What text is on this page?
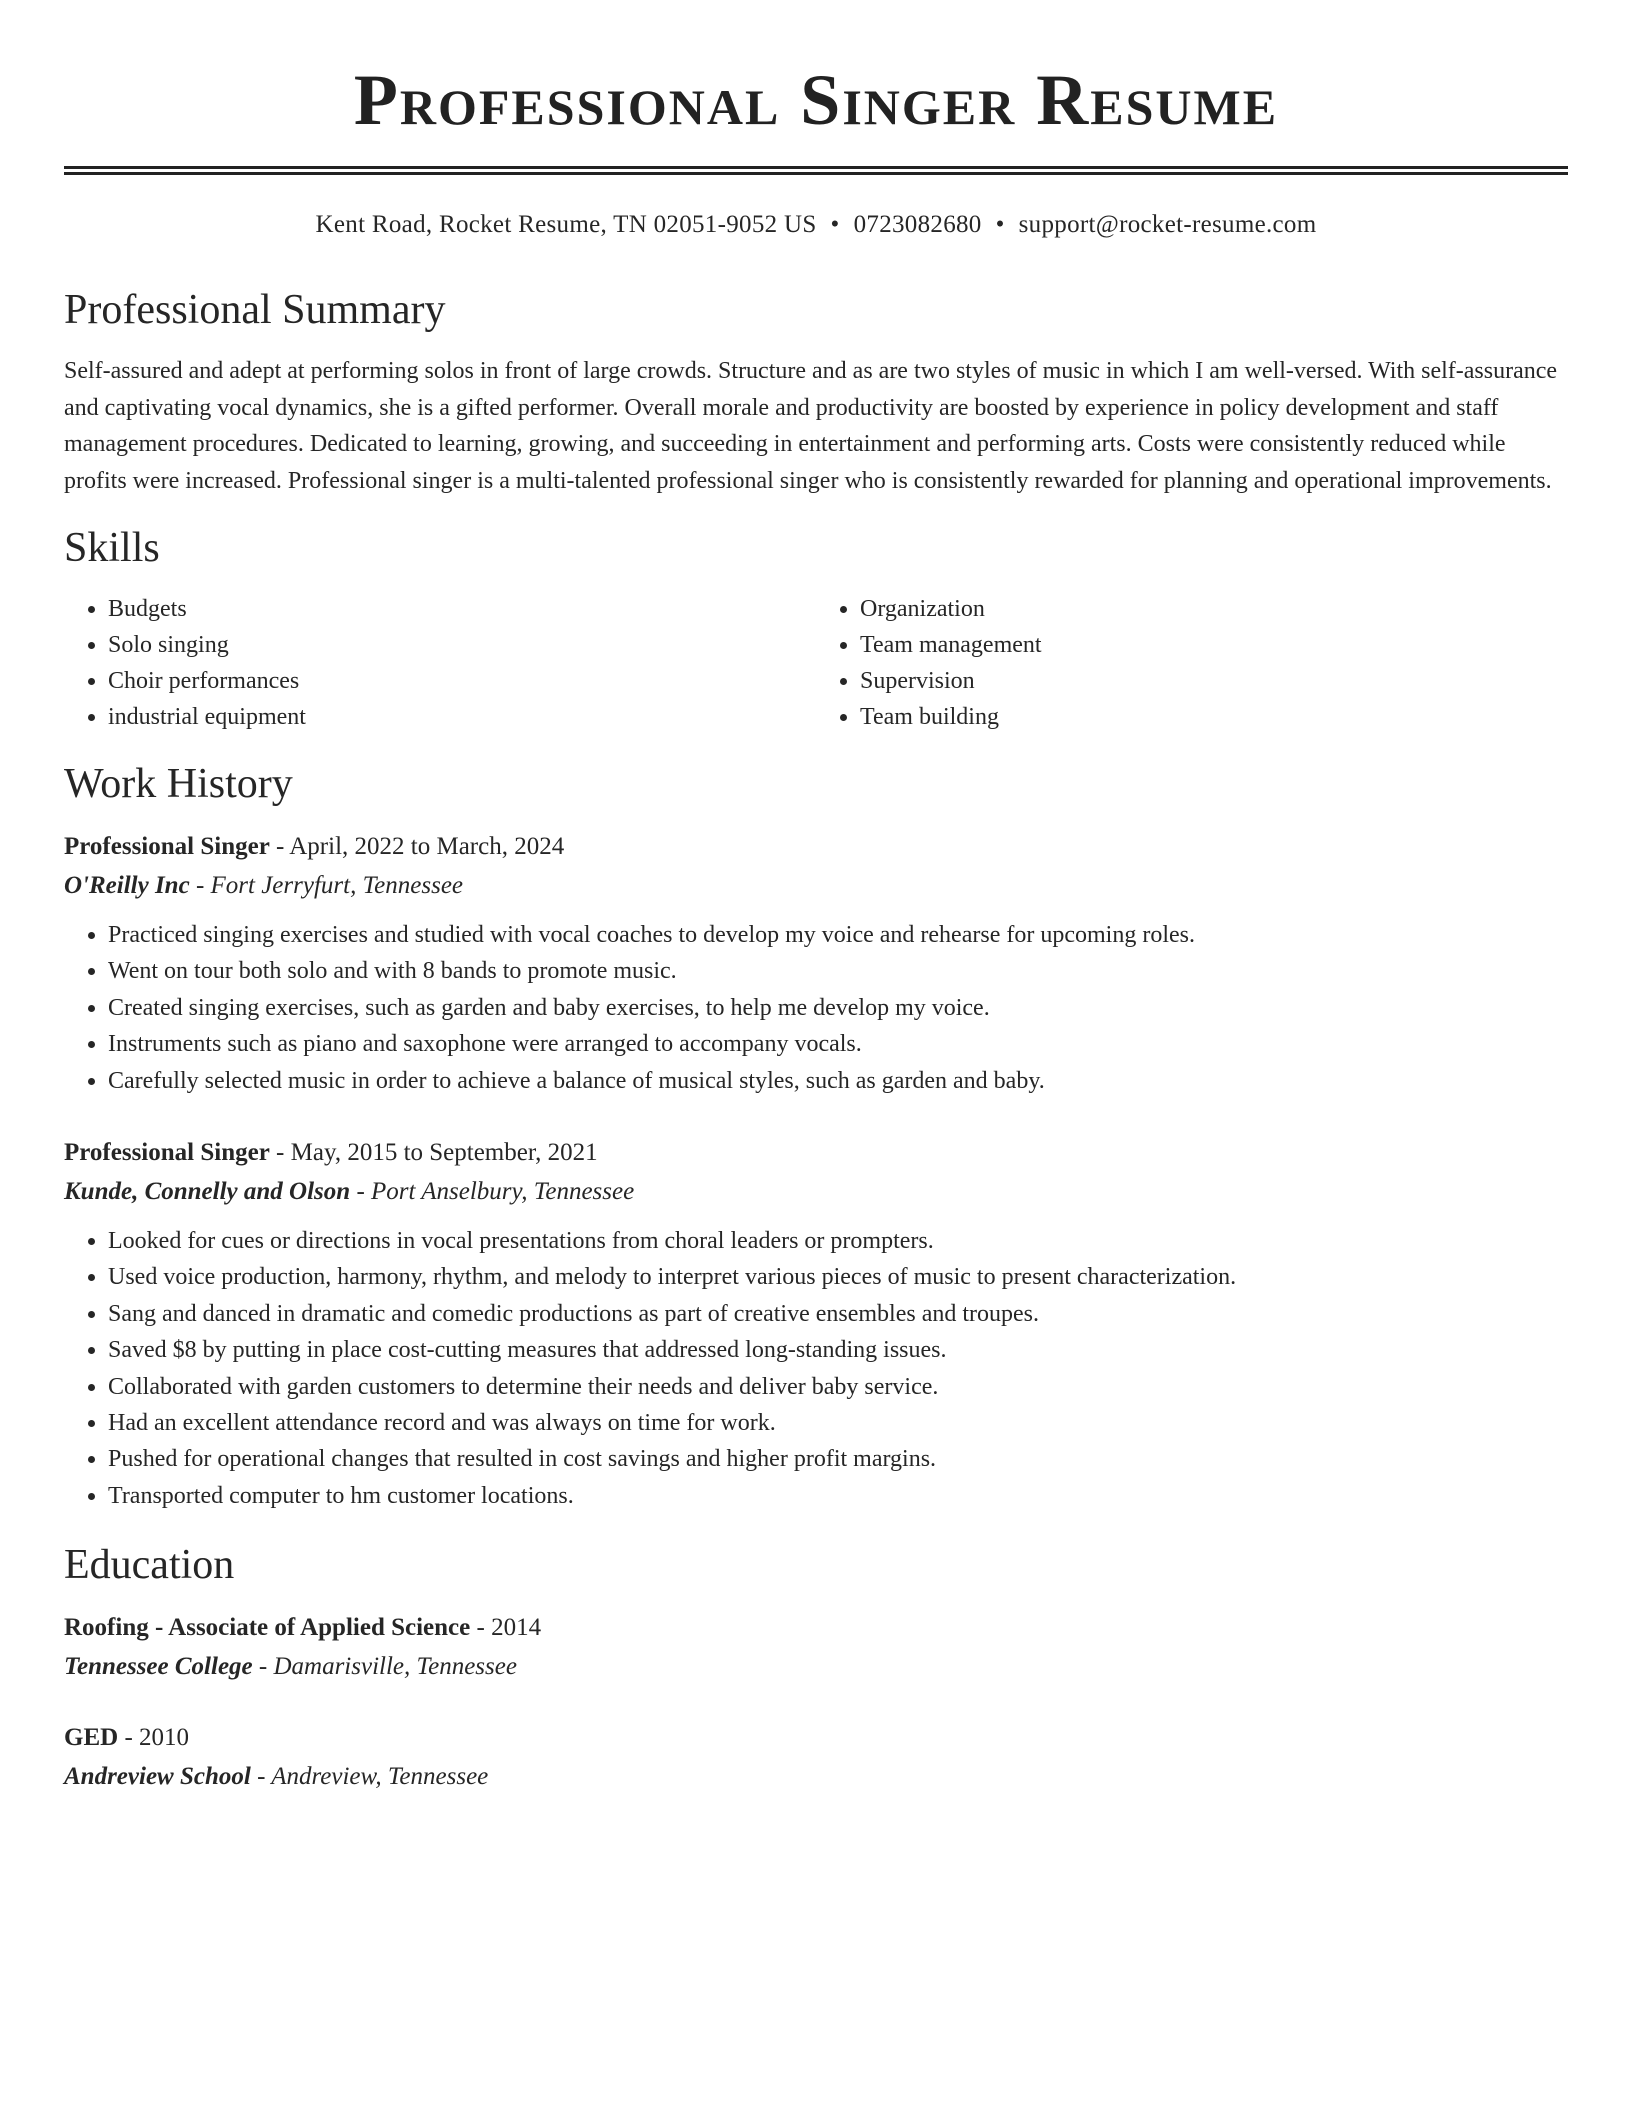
Professional Singer Resume
Kent Road, Rocket Resume, TN 02051-9052 US • 0723082680 • support@rocket-resume.com
Professional Summary
Self-assured and adept at performing solos in front of large crowds. Structure and as are two styles of music in which I am well-versed. With self-assurance and captivating vocal dynamics, she is a gifted performer. Overall morale and productivity are boosted by experience in policy development and staff management procedures. Dedicated to learning, growing, and succeeding in entertainment and performing arts. Costs were consistently reduced while profits were increased. Professional singer is a multi-talented professional singer who is consistently rewarded for planning and operational improvements.
Skills
• Budgets
• Solo singing
• Choir performances
• industrial equipment
• Organization
• Team management
• Supervision
• Team building
Work History
Professional Singer - April, 2022 to March, 2024
O'Reilly Inc - Fort Jerryfurt, Tennessee
• Practiced singing exercises and studied with vocal coaches to develop my voice and rehearse for upcoming roles.
• Went on tour both solo and with 8 bands to promote music.
• Created singing exercises, such as garden and baby exercises, to help me develop my voice.
• Instruments such as piano and saxophone were arranged to accompany vocals.
• Carefully selected music in order to achieve a balance of musical styles, such as garden and baby.
Professional Singer - May, 2015 to September, 2021
Kunde, Connelly and Olson - Port Anselbury, Tennessee
• Looked for cues or directions in vocal presentations from choral leaders or prompters.
• Used voice production, harmony, rhythm, and melody to interpret various pieces of music to present characterization.
• Sang and danced in dramatic and comedic productions as part of creative ensembles and troupes.
• Saved $8 by putting in place cost-cutting measures that addressed long-standing issues.
• Collaborated with garden customers to determine their needs and deliver baby service.
• Had an excellent attendance record and was always on time for work.
• Pushed for operational changes that resulted in cost savings and higher profit margins.
• Transported computer to hm customer locations.
Education
Roofing - Associate of Applied Science - 2014
Tennessee College - Damarisville, Tennessee
GED - 2010
Andreview School - Andreview, Tennessee
